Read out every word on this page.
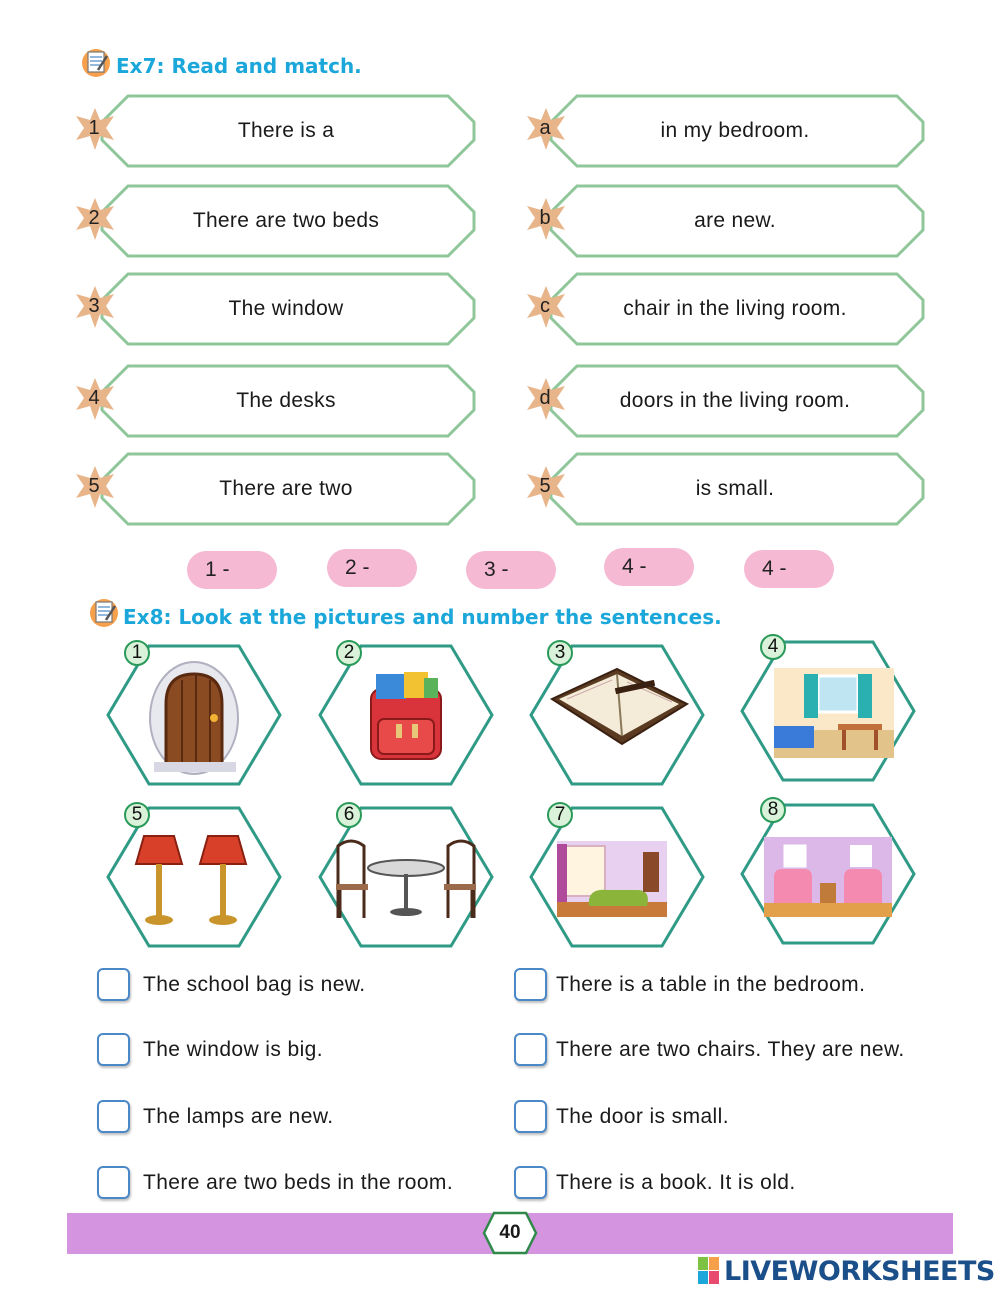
Ex7: Read and match.
There is a
1
There are two beds
2
The window
3
The desks
4
There are two
5
in my bedroom.
a
are new.
b
chair in the living room.
c
doors in the living room.
d
is small.
5
1 -	2 -	3 -	4 -	4 -
Ex8: Look at the pictures and number the sentences.
1	2	3	4
5	6	7	8
The school bag is new.
The window is big.
The lamps are new.
There are two beds in the room.
There is a table in the bedroom.
There are two chairs. They are new.
The door is small.
There is a book. It is old.
40
LIVEWORKSHEETS
